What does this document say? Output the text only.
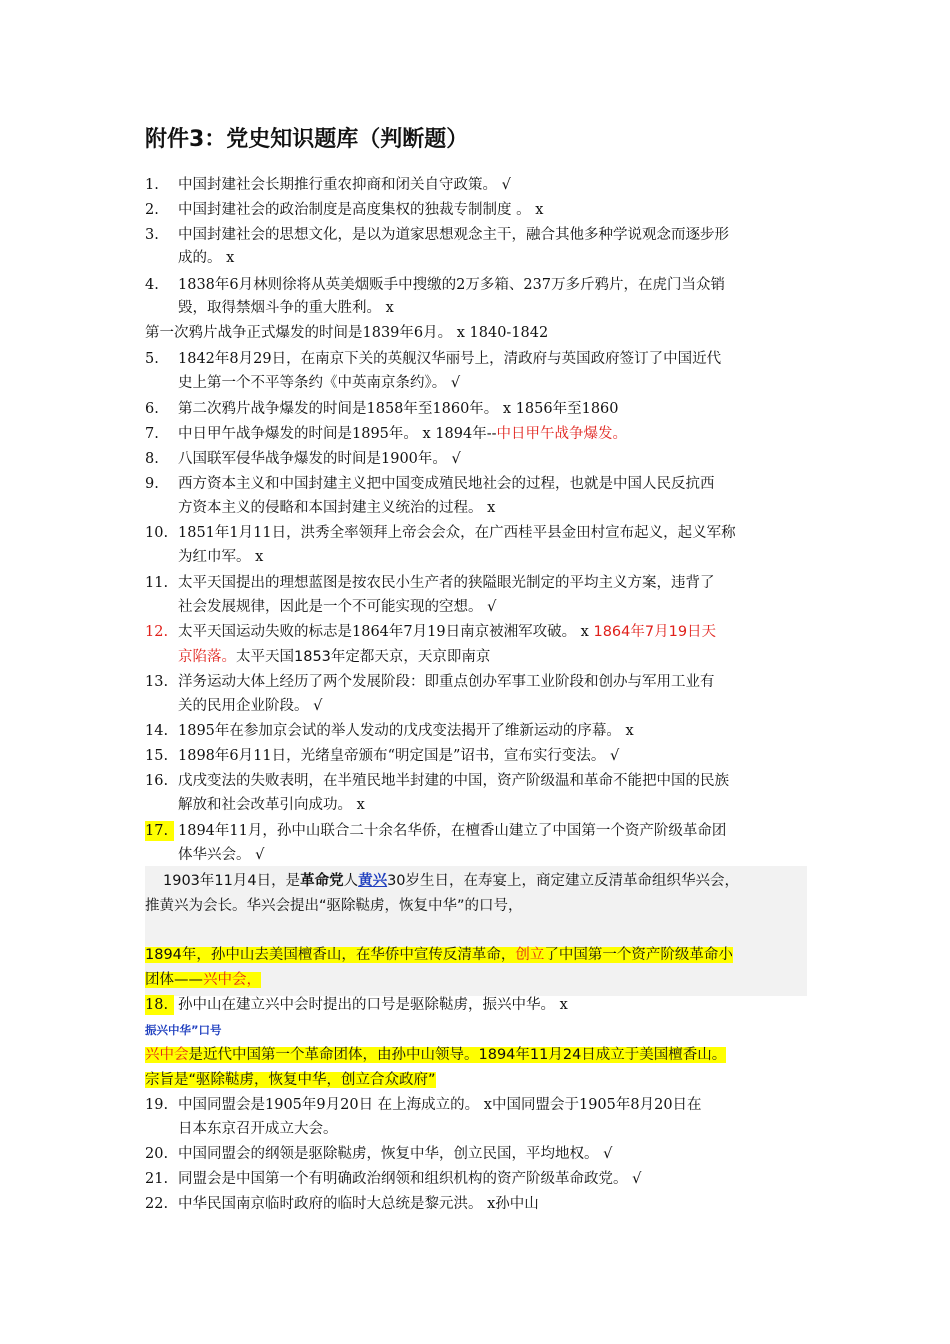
附件3：党史知识题库（判断题）
1. 中国封建社会长期推行重农抑商和闭关自守政策。 √
2. 中国封建社会的政治制度是高度集权的独裁专制制度 。 x
3. 中国封建社会的思想文化，是以为道家思想观念主干，融合其他多种学说观念而逐步形
成的。 x
4. 1838年6月林则徐将从英美烟贩手中搜缴的2万多箱、237万多斤鸦片，在虎门当众销
毁，取得禁烟斗争的重大胜利。 x
第一次鸦片战争正式爆发的时间是1839年6月。 x 1840-1842
5. 1842年8月29日，在南京下关的英舰汉华丽号上，清政府与英国政府签订了中国近代
史上第一个不平等条约《中英南京条约》。 √
6. 第二次鸦片战争爆发的时间是1858年至1860年。 x 1856年至1860
7. 中日甲午战争爆发的时间是1895年。 x 1894年--中日甲午战争爆发。
8. 八国联军侵华战争爆发的时间是1900年。 √
9. 西方资本主义和中国封建主义把中国变成殖民地社会的过程，也就是中国人民反抗西
方资本主义的侵略和本国封建主义统治的过程。 x
10. 1851年1月11日，洪秀全率领拜上帝会会众，在广西桂平县金田村宣布起义，起义军称
为红巾军。 x
11. 太平天国提出的理想蓝图是按农民小生产者的狭隘眼光制定的平均主义方案，违背了
社会发展规律，因此是一个不可能实现的空想。 √
12. 太平天国运动失败的标志是1864年7月19日南京被湘军攻破。 x 1864年7月19日天
京陷落。太平天国1853年定都天京，天京即南京
13. 洋务运动大体上经历了两个发展阶段：即重点创办军事工业阶段和创办与军用工业有
关的民用企业阶段。 √
14. 1895年在参加京会试的举人发动的戊戌变法揭开了维新运动的序幕。 x
15. 1898年6月11日，光绪皇帝颁布“明定国是”诏书，宣布实行变法。 √
16. 戊戌变法的失败表明，在半殖民地半封建的中国，资产阶级温和革命不能把中国的民族
解放和社会改革引向成功。 x
17. 1894年11月，孙中山联合二十余名华侨，在檀香山建立了中国第一个资产阶级革命团
体华兴会。 √
1903年11月4日，是革命党人黄兴30岁生日，在寿宴上，商定建立反清革命组织华兴会，
推黄兴为会长。华兴会提出“驱除鞑虏，恢复中华”的口号，
1894年，孙中山去美国檀香山，在华侨中宣传反清革命，创立了中国第一个资产阶级革命小
团体——兴中会，
18. 孙中山在建立兴中会时提出的口号是驱除鞑虏，振兴中华。 x
振兴中华”口号
兴中会是近代中国第一个革命团体，由孙中山领导。1894年11月24日成立于美国檀香山。
宗旨是“驱除鞑虏，恢复中华，创立合众政府”
19. 中国同盟会是1905年9月20日 在上海成立的。 x中国同盟会于1905年8月20日在
日本东京召开成立大会。
20. 中国同盟会的纲领是驱除鞑虏，恢复中华，创立民国，平均地权。 √
21. 同盟会是中国第一个有明确政治纲领和组织机构的资产阶级革命政党。 √
22. 中华民国南京临时政府的临时大总统是黎元洪。 x孙中山
